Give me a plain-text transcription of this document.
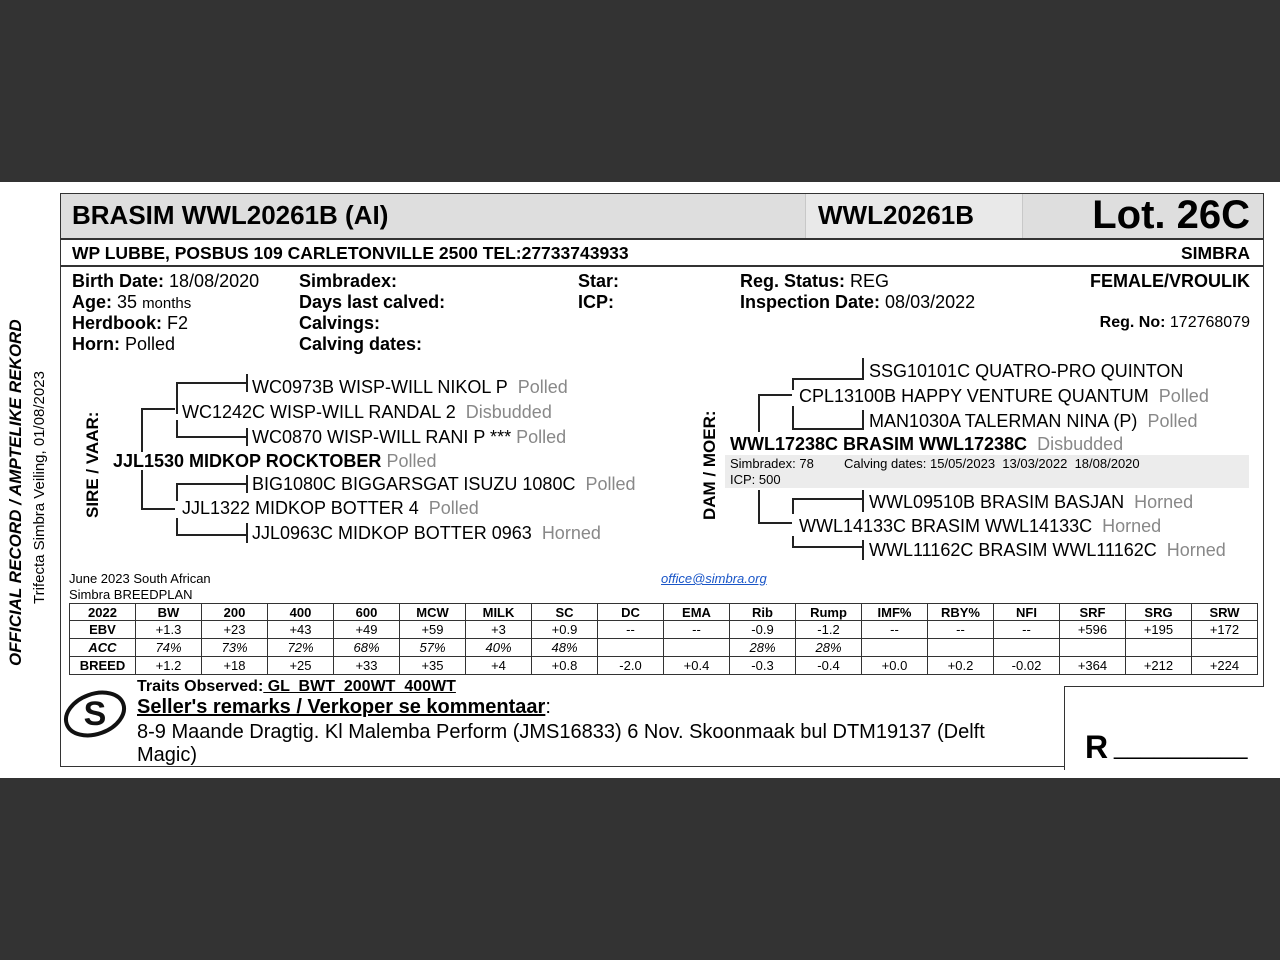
OFFICIAL RECORD / AMPTELIKE REKORD Trifecta Simbra Veiling, 01/08/2023
BRASIM WWL20261B (AI)	WWL20261B	Lot. 26C
WP LUBBE, POSBUS 109 CARLETONVILLE 2500 TEL:27733743933	SIMBRA
Birth Date: 18/08/2020
Age: 35 months
Herdbook: F2
Horn: Polled
Simbradex:
Days last calved:
Calvings:
Calving dates:
Star:
ICP:
Reg. Status: REG
Inspection Date: 08/03/2022
FEMALE/VROULIK
Reg. No: 172768079
SIRE / VAAR:
WC0973B WISP-WILL NIKOL P Polled
WC1242C WISP-WILL RANDAL 2 Disbudded
WC0870 WISP-WILL RANI P *** Polled
JJL1530 MIDKOP ROCKTOBER Polled
BIG1080C BIGGARSGAT ISUZU 1080C Polled
JJL1322 MIDKOP BOTTER 4 Polled
JJL0963C MIDKOP BOTTER 0963 Horned
DAM / MOER:
SSG10101C QUATRO-PRO QUINTON
CPL13100B HAPPY VENTURE QUANTUM Polled
MAN1030A TALERMAN NINA (P) Polled
WWL17238C BRASIM WWL17238C Disbudded
Simbradex: 78 Calving dates: 15/05/2023  13/03/2022  18/08/2020
ICP: 500
WWL09510B BRASIM BASJAN Horned
WWL14133C BRASIM WWL14133C Horned
WWL11162C BRASIM WWL11162C Horned
June 2023 South African
Simbra BREEDPLAN
office@simbra.org
2022	BW	200	400	600	MCW	MILK	SC	DC	EMA	Rib	Rump	IMF%	RBY%	NFI	SRF	SRG	SRW
EBV	+1.3	+23	+43	+49	+59	+3	+0.9	--	--	-0.9	-1.2	--	--	--	+596	+195	+172
ACC	74%	73%	72%	68%	57%	40%	48%			28%	28%						
BREED	+1.2	+18	+25	+33	+35	+4	+0.8	-2.0	+0.4	-0.3	-0.4	+0.0	+0.2	-0.02	+364	+212	+224
S
Traits Observed: GL  BWT  200WT  400WT
Seller's remarks / Verkoper se kommentaar:
8-9 Maande Dragtig. Kl Malemba Perform (JMS16833) 6 Nov. Skoonmaak bul DTM19137 (Delft
Magic)	R __________
